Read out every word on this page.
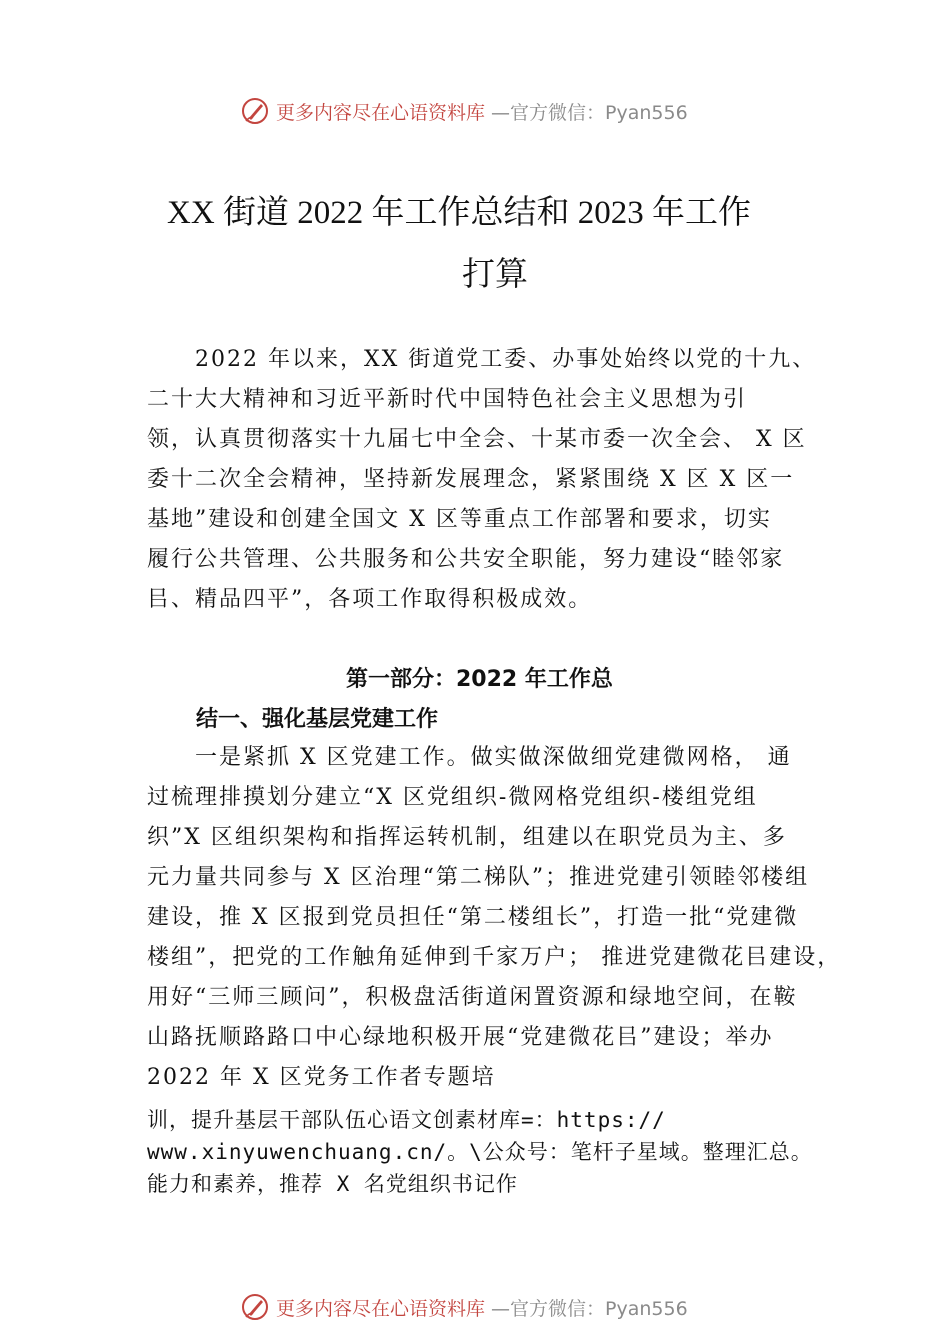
更多内容尽在心语资料库 —官方微信：Pyan556
XX 街道 2022 年工作总结和 2023 年工作
打算
　　2022 年以来，XX 街道党工委、办事处始终以党的十九、
二十大大精神和习近平新时代中国特色社会主义思想为引
领，认真贯彻落实十九届七中全会、十某市委一次全会、 X 区
委十二次全会精神，坚持新发展理念，紧紧围绕 X 区 X 区一
基地”建设和创建全国文 X 区等重点工作部署和要求，切实
履行公共管理、公共服务和公共安全职能，努力建设“睦邻家
㠯、精品四平”，各项工作取得积极成效。
第一部分：2022 年工作总
结一、强化基层党建工作
　　一是紧抓 X 区党建工作。做实做深做细党建微网格， 通
过梳理排摸划分建立“X 区党组织-微网格党组织-楼组党组
织”X 区组织架构和指挥运转机制，组建以在职党员为主、多
元力量共同参与 X 区治理“第二梯队”；推进党建引领睦邻楼组
建设，推 X 区报到党员担任“第二楼组长”，打造一批“党建微
楼组”，把党的工作触角延伸到千家万户； 推进党建微花㠯建设，
用好“三师三顾问”，积极盘活街道闲置资源和绿地空间，在鞍
山路抚顺路路口中心绿地积极开展“党建微花㠯”建设；举办
2022 年 X 区党务工作者专题培
训，提升基层干部队伍心语文创素材库=：https://
www.xinyuwenchuang.cn/。\公众号：笔杆子星域。整理汇总。
能力和素养，推荐 X 名党组织书记作
更多内容尽在心语资料库 —官方微信：Pyan556
